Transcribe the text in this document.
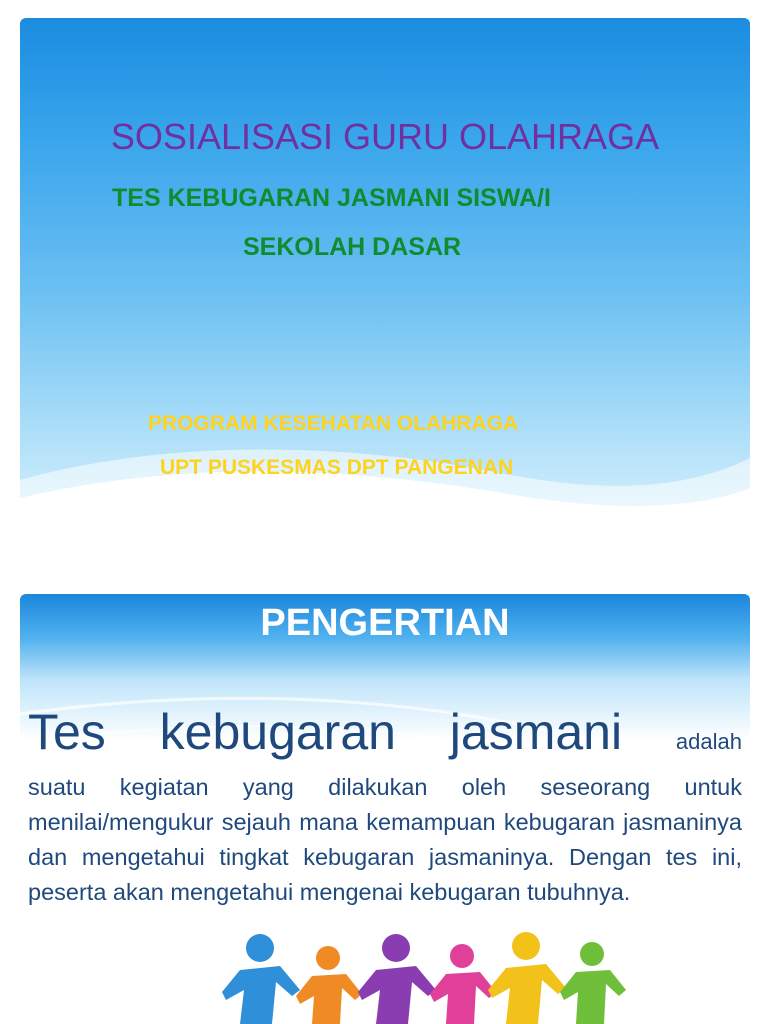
SOSIALISASI GURU OLAHRAGA
TES KEBUGARAN JASMANI SISWA/I
SEKOLAH DASAR
PROGRAM KESEHATAN OLAHRAGA
UPT PUSKESMAS DPT PANGENAN
PENGERTIAN
Tes kebugaran jasmani adalah
suatu kegiatan yang dilakukan oleh seseorang untuk menilai/mengukur sejauh mana kemampuan kebugaran jasmaninya dan mengetahui tingkat kebugaran jasmaninya. Dengan tes ini, peserta akan mengetahui mengenai kebugaran tubuhnya.
